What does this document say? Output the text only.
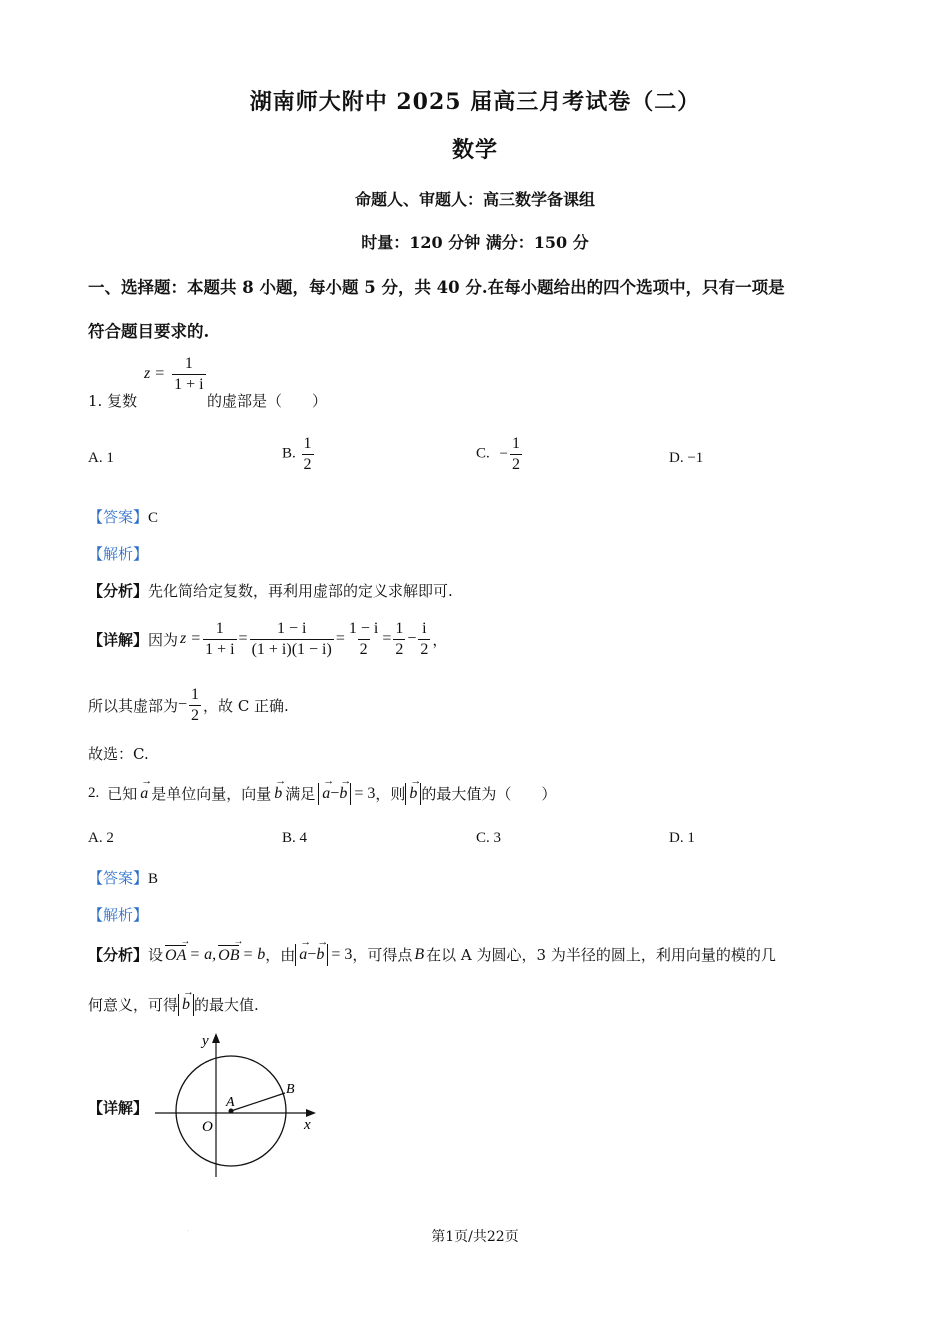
湖南师大附中 2025 届高三月考试卷（二）
数学
命题人、审题人：高三数学备课组
时量：120 分钟 满分：150 分
一、选择题：本题共 8 小题，每小题 5 分，共 40 分.在每小题给出的四个选项中，只有一项是
符合题目要求的.
1. 复数
$z = \frac{1}{1 + i}$
的虚部是（　　）
A. 1	B. $\frac{1}{2}$	C. − $\frac{1}{2}$	D. −1
【答案】C
【解析】
【分析】先化简给定复数，再利用虚部的定义求解即可.
【详解】 因为 $z = \frac{1}{1 + i} = \frac{1 - i}{(1 + i)(1 - i)} = \frac{1 - i}{2} = \frac{1}{2} - \frac{i}{2}$ ，
所以其虚部为 − $\frac{1}{2}$ ，故 C 正确.
故选：C.
2. 已知 → a 是单位向量，向量 → b 满足 → a−→ b = 3 ，则 → b 的最大值为（　　）
A. 2	B. 4	C. 3	D. 1
【答案】B
【解析】
【分析】 设 OA → = a, OB → = b ，由 → a−→ b = 3 ，可得点 B 在以 A 为圆心，3 为半径的圆上，利用向量的模的几
何意义，可得 → b 的最大值.
【详解】
y
x
O
A
B
.	第1页/共22页
